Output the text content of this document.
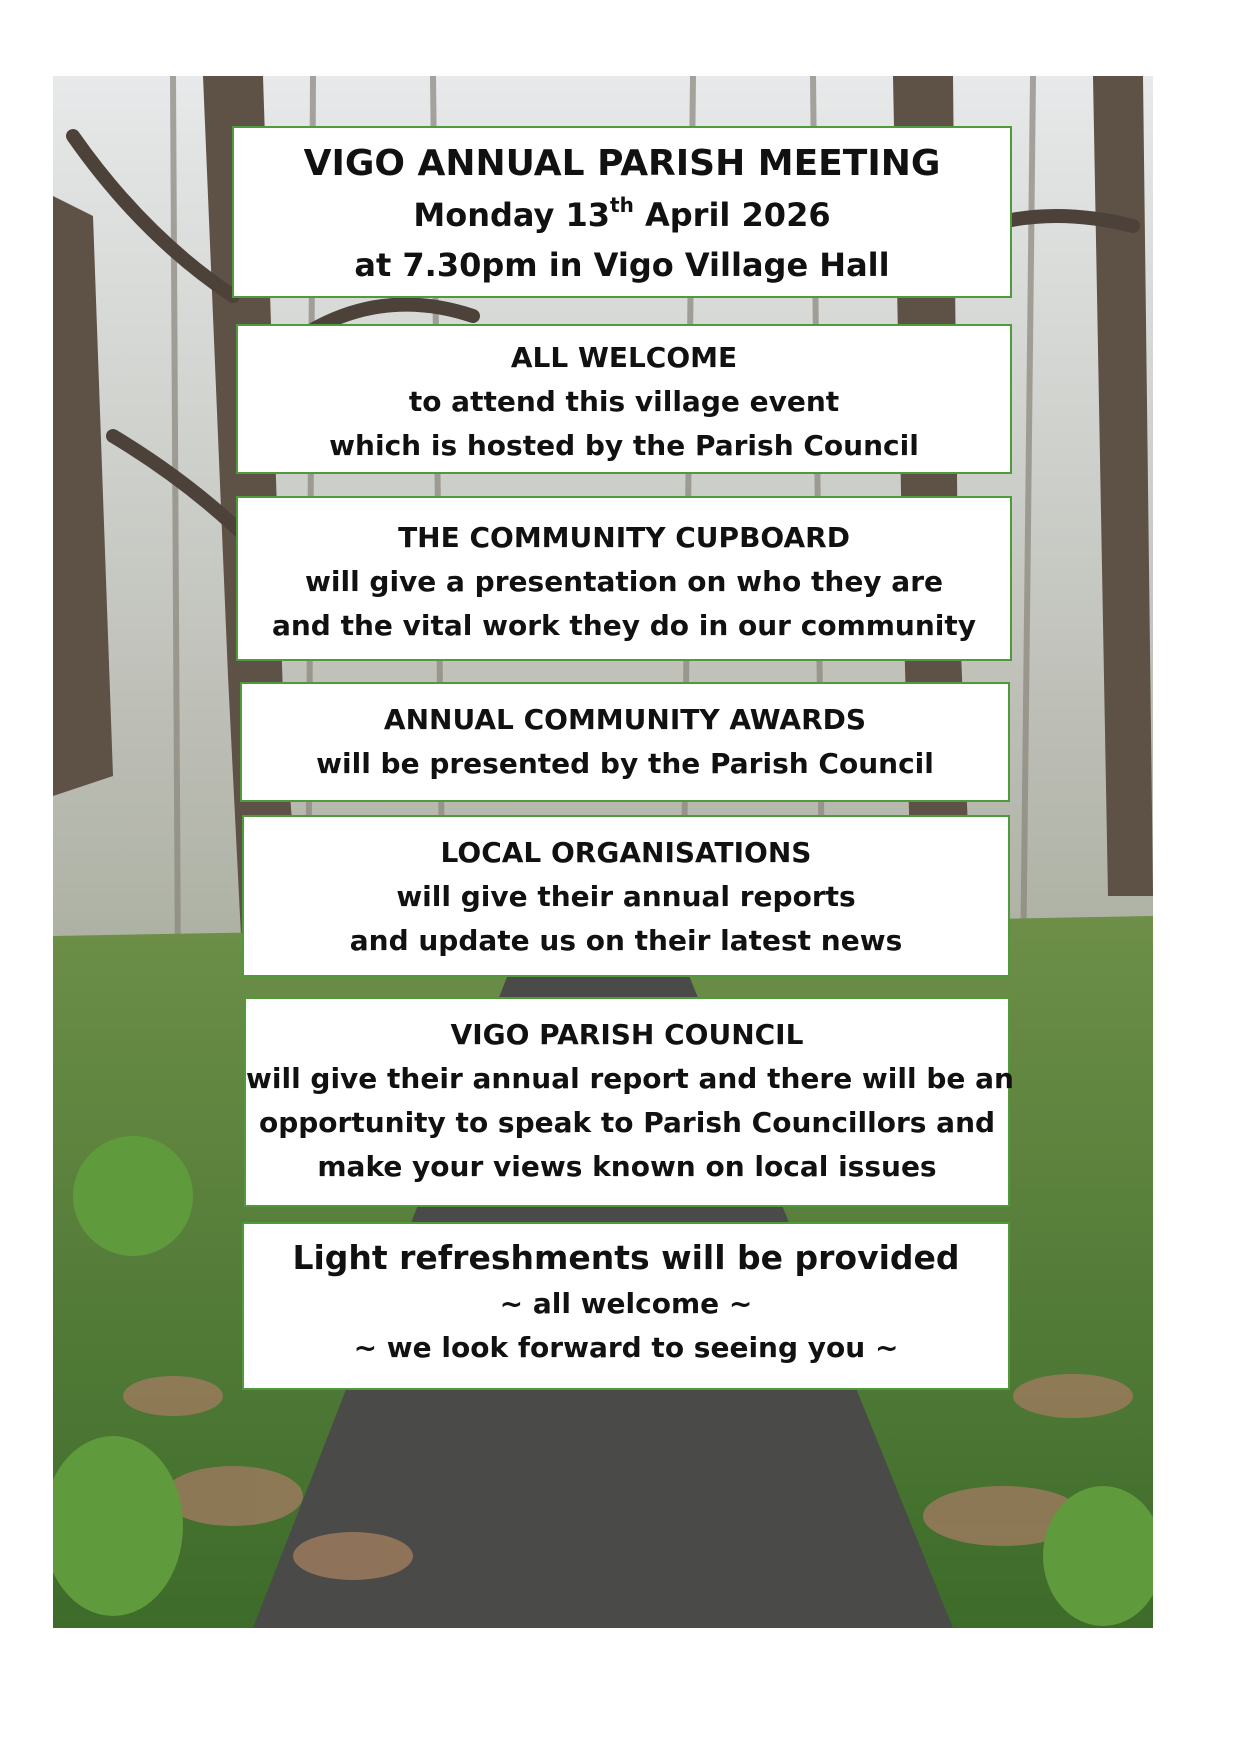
VIGO ANNUAL PARISH MEETING
Monday 13th April 2026
at 7.30pm in Vigo Village Hall
ALL WELCOME
to attend this village event
which is hosted by the Parish Council
THE COMMUNITY CUPBOARD
will give a presentation on who they are
and the vital work they do in our community
ANNUAL COMMUNITY AWARDS
will be presented by the Parish Council
LOCAL ORGANISATIONS
will give their annual reports
and update us on their latest news
VIGO PARISH COUNCIL
will give their annual report and there will be an
opportunity to speak to Parish Councillors and
make your views known on local issues
Light refreshments will be provided
~ all welcome ~
~ we look forward to seeing you ~
